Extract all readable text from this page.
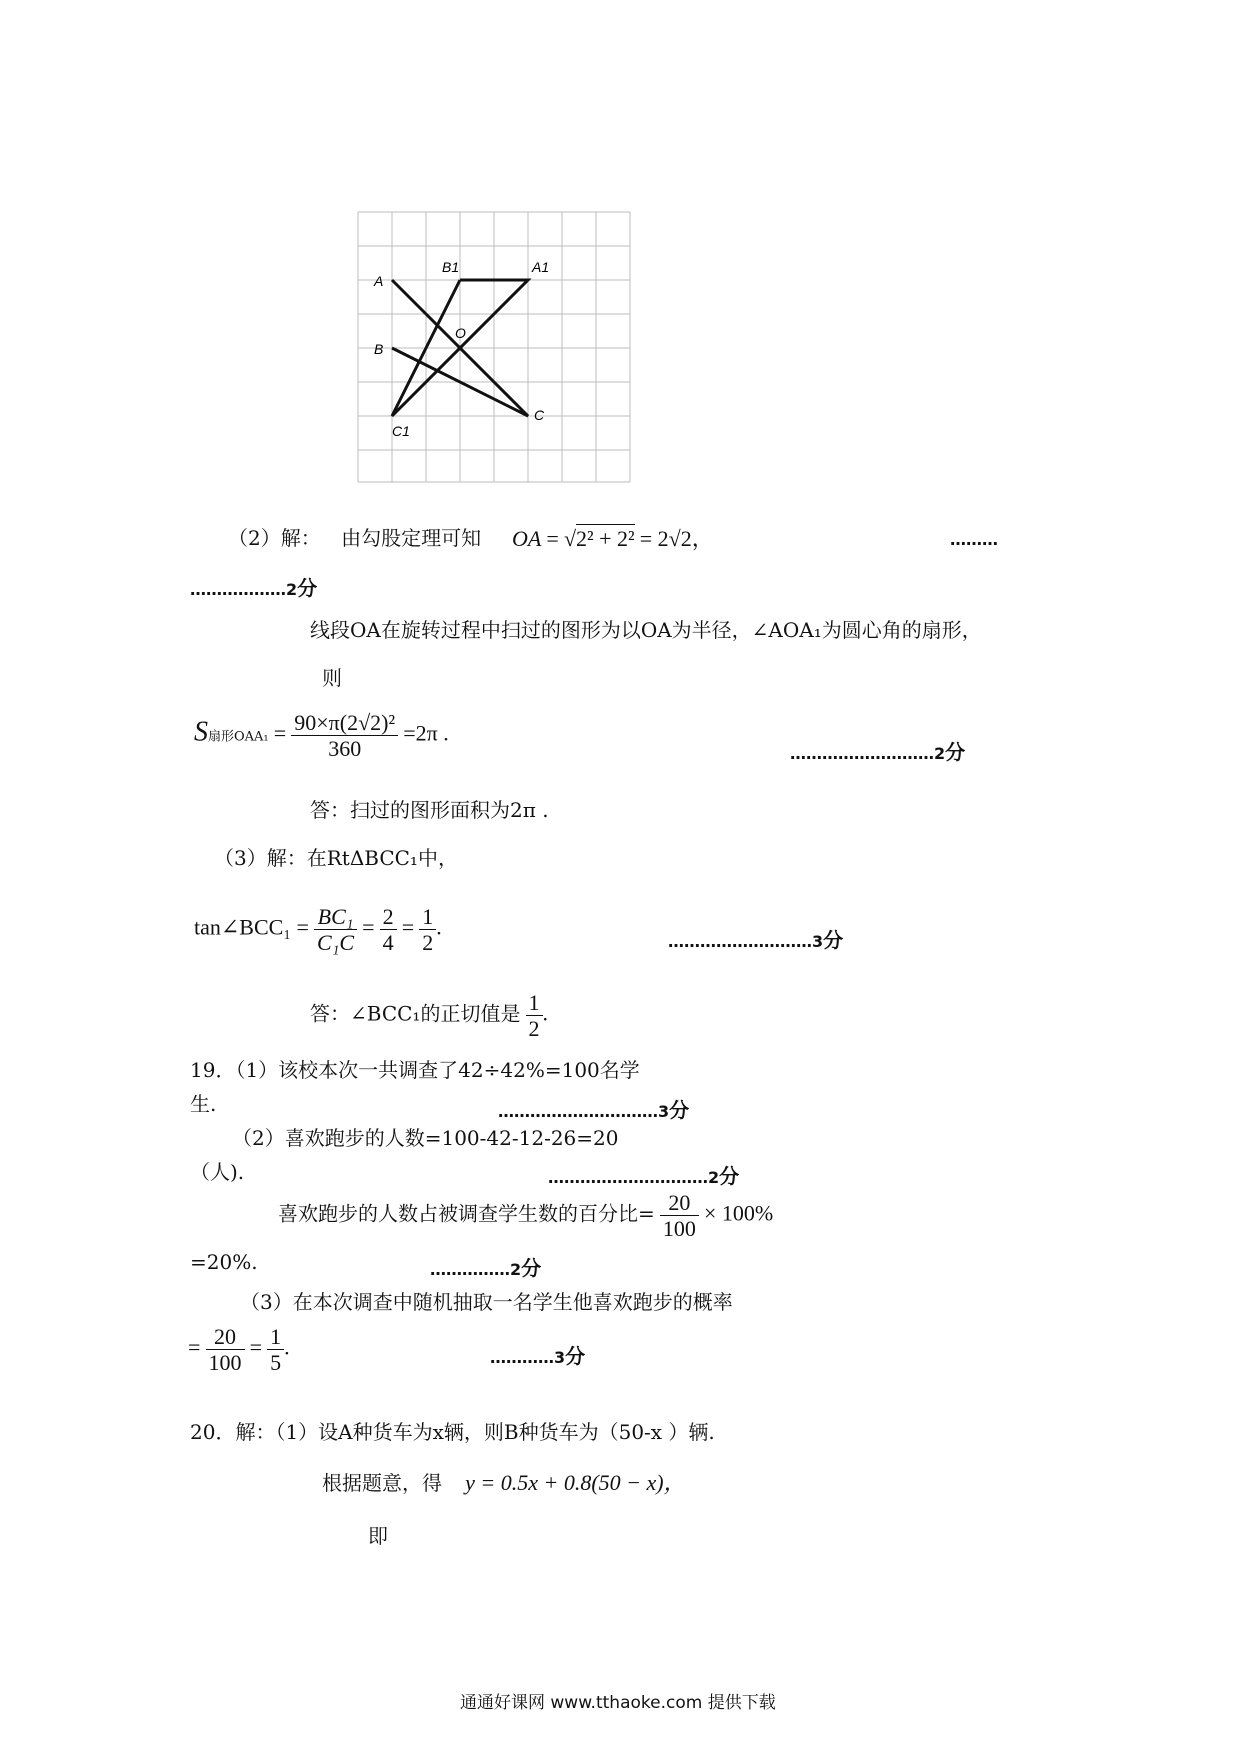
A
B
B1	A1
O
C
C1
（2）解： 由勾股定理可知 OA = √2² + 2² = 2√2，	………
………………2分
线段OA在旋转过程中扫过的图形为以OA为半径，∠AOA₁为圆心角的扇形，
则
S扇形$OAA_1 = \frac{\text{90×π(2√2)²}}{360} =2\pi$ .
………………………2分
答：扫过的图形面积为2π .
（3）解：在RtΔBCC₁中，
tan∠BCC₁ = $\frac{\text{BC₁}}{\text{C₁C}} = \frac{2}{4} = \frac{1}{2}$ .
………………………3分
答：∠BCC₁的正切值是 $\frac{1}{2}$ .
19．（1）该校本次一共调查了42÷42%=100名学
生.	…………………………3分
（2）喜欢跑步的人数=100-42-12-26=20
（人).	…………………………2分
喜欢跑步的人数占被调查学生数的百分比= $\frac{20}{100} \times 100\%$
=20%.	……………2分
（3）在本次调查中随机抽取一名学生他喜欢跑步的概率
= $\frac{20}{100} = \frac{1}{5}$ .	…………3分
20．解：（1）设A种货车为x辆，则B种货车为（50-x ）辆.
根据题意，得 y = 0.5x + 0.8(50 − x)，
即
通通好课网 www.tthaoke.com 提供下载
